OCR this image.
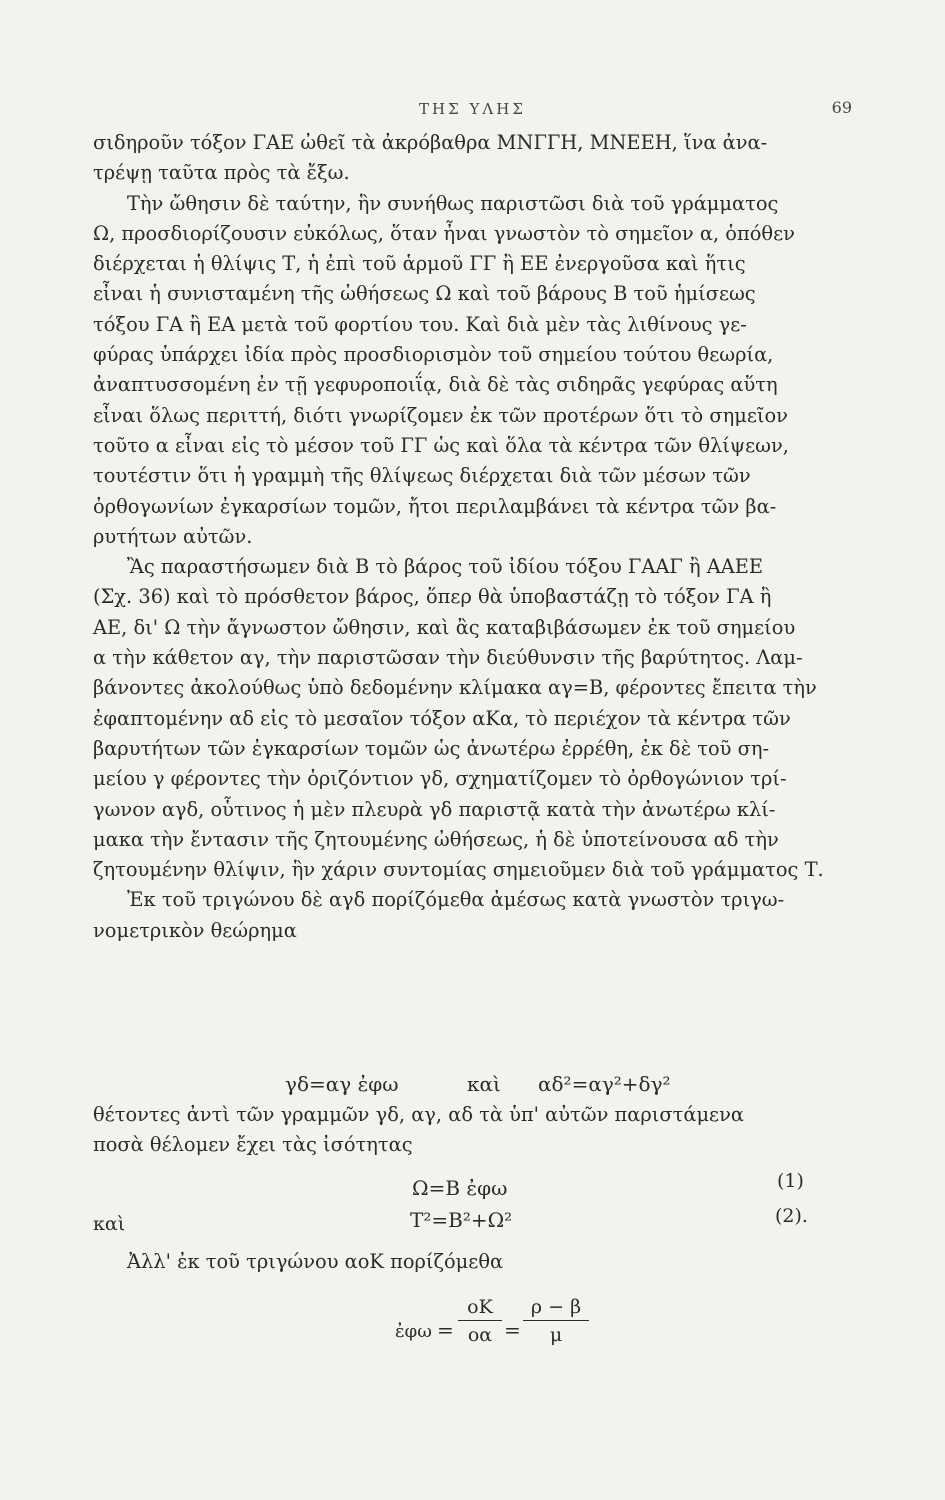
ΤΗΣ ΥΛΗΣ	69
σιδηροῦν τόξον ΓΑΕ ὠθεῖ τὰ ἀκρόβαθρα ΜΝΓΓΗ, ΜΝΕΕΗ, ἵνα ἀνα-
τρέψῃ ταῦτα πρὸς τὰ ἔξω.
Τὴν ὤθησιν δὲ ταύτην, ἣν συνήθως παριστῶσι διὰ τοῦ γράμματος
Ω, προσδιορίζουσιν εὐκόλως, ὅταν ἦναι γνωστὸν τὸ σημεῖον α, ὁπόθεν
διέρχεται ἡ θλίψις Τ, ἡ ἐπὶ τοῦ ἁρμοῦ ΓΓ ἢ ΕΕ ἐνεργοῦσα καὶ ἥτις
εἶναι ἡ συνισταμένη τῆς ὠθήσεως Ω καὶ τοῦ βάρους Β τοῦ ἡμίσεως
τόξου ΓΑ ἢ ΕΑ μετὰ τοῦ φορτίου του. Καὶ διὰ μὲν τὰς λιθίνους γε-
φύρας ὑπάρχει ἰδία πρὸς προσδιορισμὸν τοῦ σημείου τούτου θεωρία,
ἀναπτυσσομένη ἐν τῇ γεφυροποιΐᾳ, διὰ δὲ τὰς σιδηρᾶς γεφύρας αὕτη
εἶναι ὅλως περιττή, διότι γνωρίζομεν ἐκ τῶν προτέρων ὅτι τὸ σημεῖον
τοῦτο α εἶναι εἰς τὸ μέσον τοῦ ΓΓ ὡς καὶ ὅλα τὰ κέντρα τῶν θλίψεων,
τουτέστιν ὅτι ἡ γραμμὴ τῆς θλίψεως διέρχεται διὰ τῶν μέσων τῶν
ὀρθογωνίων ἐγκαρσίων τομῶν, ἤτοι περιλαμβάνει τὰ κέντρα τῶν βα-
ρυτήτων αὐτῶν.
Ἂς παραστήσωμεν διὰ Β τὸ βάρος τοῦ ἰδίου τόξου ΓΑΑΓ ἢ ΑΑΕΕ
(Σχ. 36) καὶ τὸ πρόσθετον βάρος, ὅπερ θὰ ὑποβαστάζῃ τὸ τόξον ΓΑ ἢ
ΑΕ, δι' Ω τὴν ἄγνωστον ὤθησιν, καὶ ἂς καταβιβάσωμεν ἐκ τοῦ σημείου
α τὴν κάθετον αγ, τὴν παριστῶσαν τὴν διεύθυνσιν τῆς βαρύτητος. Λαμ-
βάνοντες ἀκολούθως ὑπὸ δεδομένην κλίμακα αγ=Β, φέροντες ἔπειτα τὴν
ἐφαπτομένην αδ εἰς τὸ μεσαῖον τόξον αΚα, τὸ περιέχον τὰ κέντρα τῶν
βαρυτήτων τῶν ἐγκαρσίων τομῶν ὡς ἀνωτέρω ἐρρέθη, ἐκ δὲ τοῦ ση-
μείου γ φέροντες τὴν ὁριζόντιον γδ, σχηματίζομεν τὸ ὀρθογώνιον τρί-
γωνον αγδ, οὗτινος ἡ μὲν πλευρὰ γδ παριστᾷ κατὰ τὴν ἀνωτέρω κλί-
μακα τὴν ἔντασιν τῆς ζητουμένης ὠθήσεως, ἡ δὲ ὑποτείνουσα αδ τὴν
ζητουμένην θλίψιν, ἣν χάριν συντομίας σημειοῦμεν διὰ τοῦ γράμματος Τ.
Ἐκ τοῦ τριγώνου δὲ αγδ πορίζόμεθα ἀμέσως κατὰ γνωστὸν τριγω-
νομετρικὸν θεώρημα
γδ=αγ ἐφω	καὶ αδ²=αγ²+δγ²
θέτοντες ἀντὶ τῶν γραμμῶν γδ, αγ, αδ τὰ ὑπ' αὐτῶν παριστάμενα
ποσὰ θέλομεν ἔχει τὰς ἰσότητας
Ω=Β ἐφω	(1)
καὶ	Τ²=Β²+Ω²	(2).
Ἀλλ' ἐκ τοῦ τριγώνου αοΚ πορίζόμεθα
ἐφω = $\frac{oK}{o\alpha} = \frac{\rho - \beta}{\mu}$
